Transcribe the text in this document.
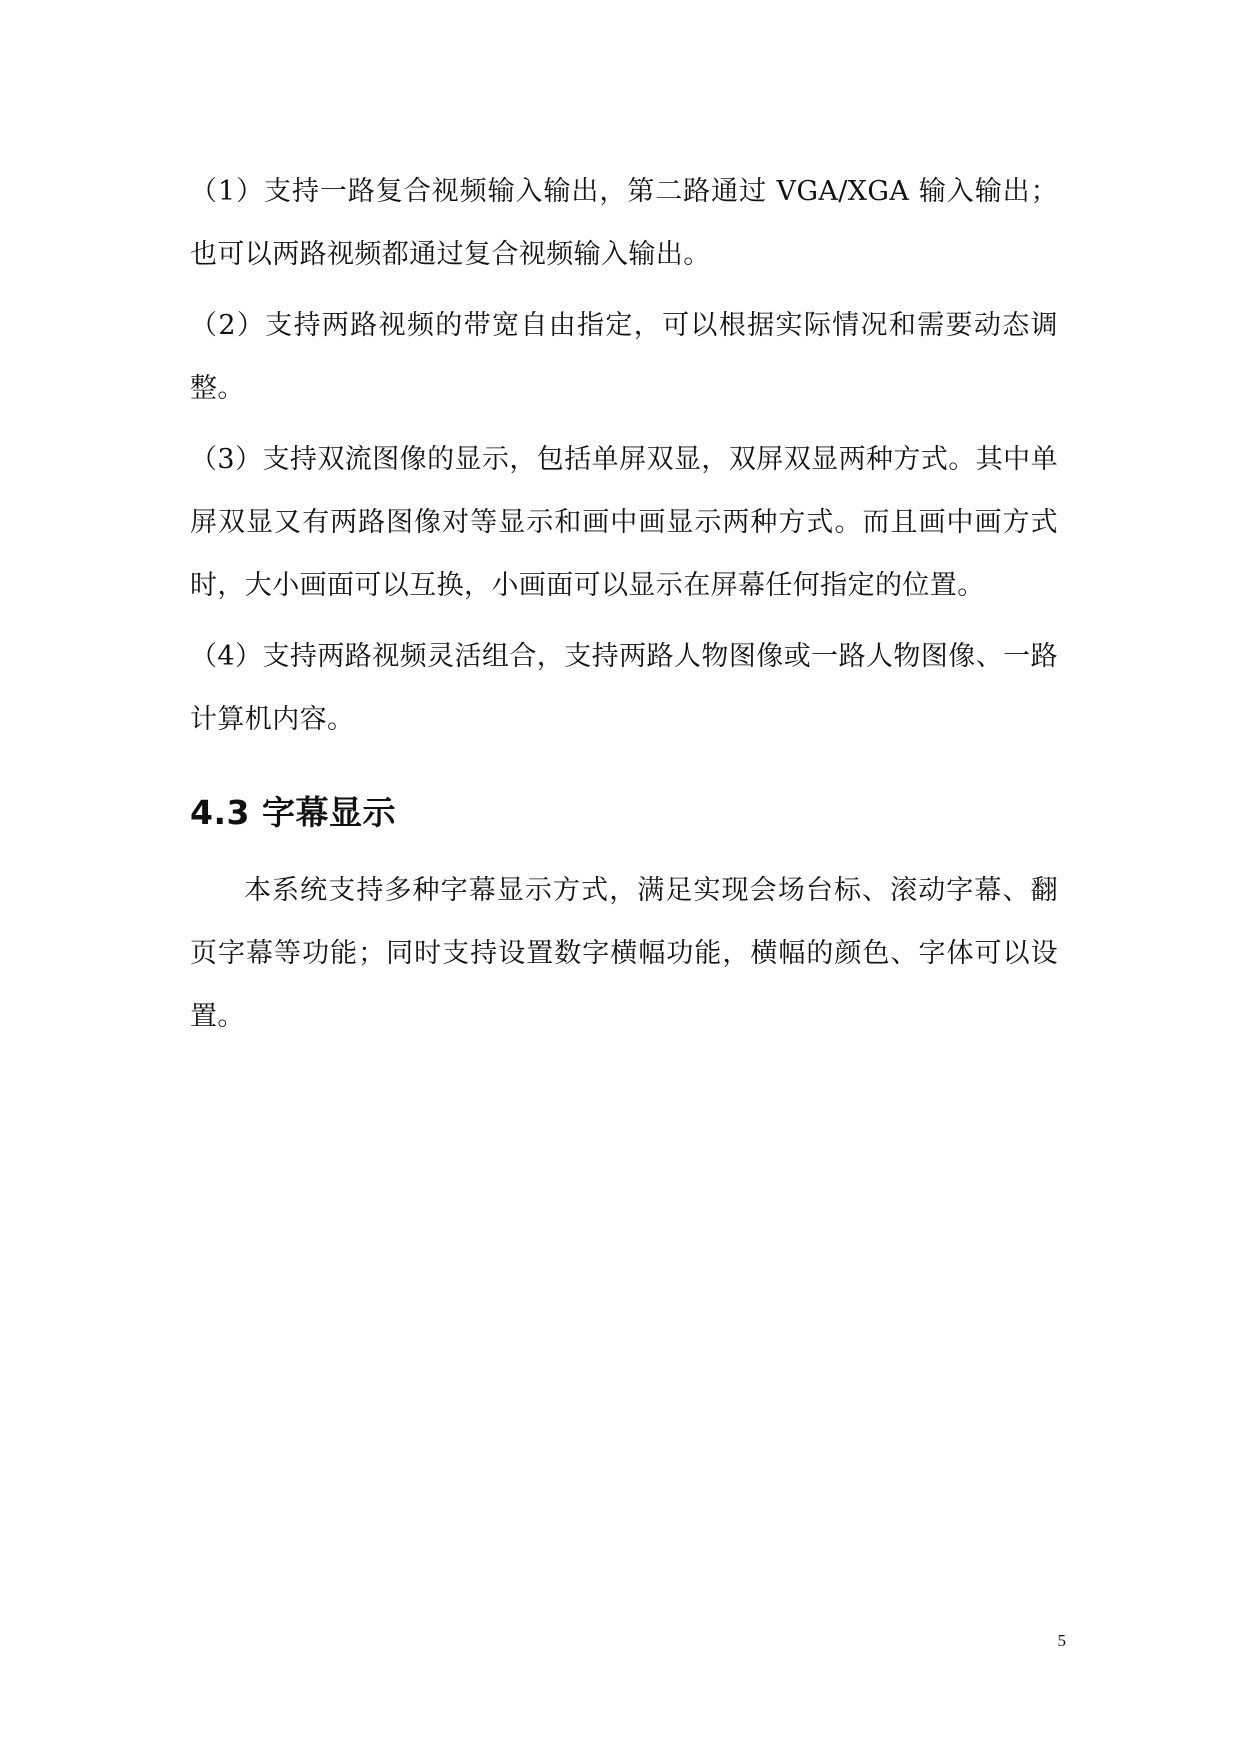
（1）支持一路复合视频输入输出，第二路通过 VGA/XGA 输入输出；也可以两路视频都通过复合视频输入输出。

（2）支持两路视频的带宽自由指定，可以根据实际情况和需要动态调整。

（3）支持双流图像的显示，包括单屏双显，双屏双显两种方式。其中单屏双显又有两路图像对等显示和画中画显示两种方式。而且画中画方式时，大小画面可以互换，小画面可以显示在屏幕任何指定的位置。

（4）支持两路视频灵活组合，支持两路人物图像或一路人物图像、一路计算机内容。

4.3 字幕显示

本系统支持多种字幕显示方式，满足实现会场台标、滚动字幕、翻页字幕等功能；同时支持设置数字横幅功能，横幅的颜色、字体可以设置。

5
